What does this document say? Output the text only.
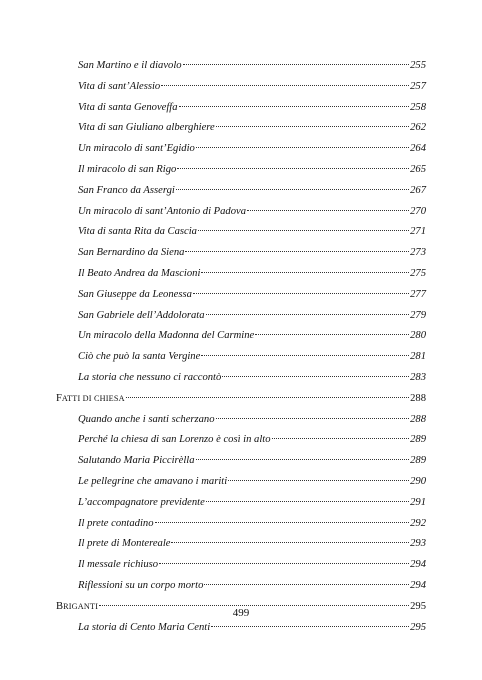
San Martino e il diavolo	255
Vita di sant’Alessio	257
Vita di santa Genoveffa	258
Vita di san Giuliano alberghiere	262
Un miracolo di sant’Egidio	264
Il miracolo di san Rigo	265
San Franco da Assergi	267
Un miracolo di sant’Antonio di Padova	270
Vita di santa Rita da Cascia	271
San Bernardino da Siena	273
Il Beato Andrea da Mascioni	275
San Giuseppe da Leonessa	277
San Gabriele dell’Addolorata	279
Un miracolo della Madonna del Carmine	280
Ciò che può la santa Vergine	281
La storia che nessuno ci raccontò	283
FATTI DI CHIESA	288
Quando anche i santi scherzano	288
Perché la chiesa di san Lorenzo è così in alto	289
Salutando Maria Piccirèlla	289
Le pellegrine che amavano i mariti	290
L’accompagnatore previdente	291
Il prete contadino	292
Il prete di Montereale	293
Il messale richiuso	294
Riflessioni su un corpo morto	294
BRIGANTI	295
La storia di Cento Maria Centi	295
499
